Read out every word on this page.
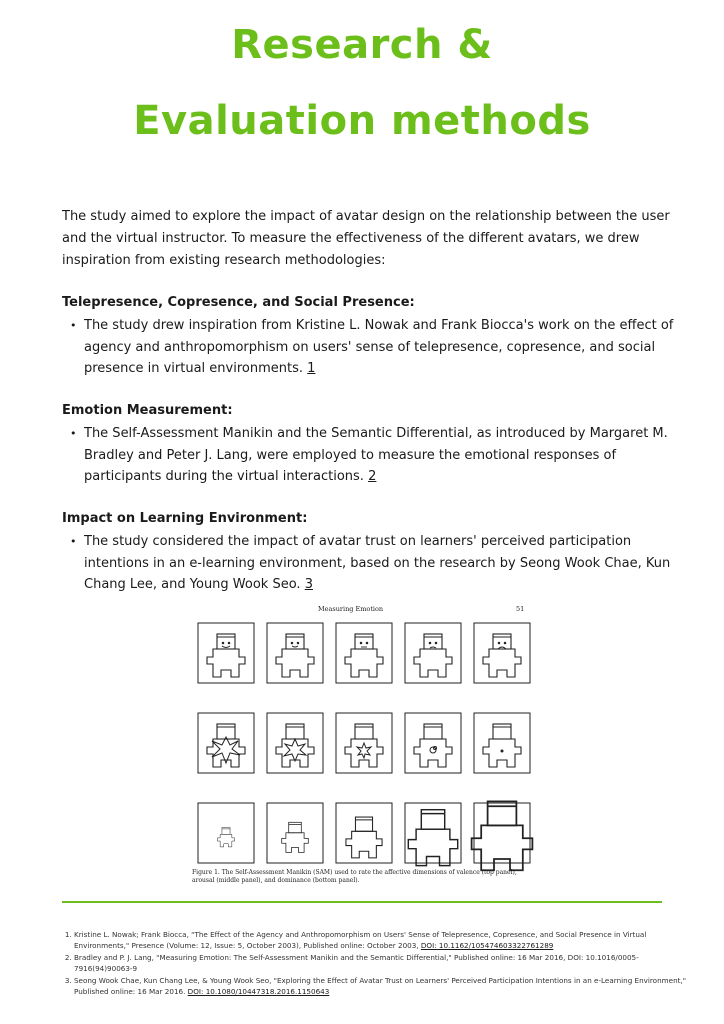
Research &
Evaluation methods

The study aimed to explore the impact of avatar design on the relationship between the user and the virtual instructor. To measure the effectiveness of the different avatars, we drew inspiration from existing research methodologies:

Telepresence, Copresence, and Social Presence:
• The study drew inspiration from Kristine L. Nowak and Frank Biocca's work on the effect of agency and anthropomorphism on users' sense of telepresence, copresence, and social presence in virtual environments. 1
Emotion Measurement:
• The Self-Assessment Manikin and the Semantic Differential, as introduced by Margaret M. Bradley and Peter J. Lang, were employed to measure the emotional responses of participants during the virtual interactions. 2
Impact on Learning Environment:
• The study considered the impact of avatar trust on learners' perceived participation intentions in an e-learning environment, based on the research by Seong Wook Chae, Kun Chang Lee, and Young Wook Seo. 3
Measuring Emotion	51
Figure 1. The Self-Assessment Manikin (SAM) used to rate the affective dimensions of valence (top panel), arousal (middle panel), and dominance (bottom panel).
1. Kristine L. Nowak; Frank Biocca, "The Effect of the Agency and Anthropomorphism on Users' Sense of Telepresence, Copresence, and Social Presence in Virtual Environments," Presence (Volume: 12, Issue: 5, October 2003), Published online: October 2003, DOI: 10.1162/105474603322761289
2. Bradley and P. J. Lang, "Measuring Emotion: The Self-Assessment Manikin and the Semantic Differential," Published online: 16 Mar 2016, DOI: 10.1016/0005-7916(94)90063-9
3. Seong Wook Chae, Kun Chang Lee, & Young Wook Seo, "Exploring the Effect of Avatar Trust on Learners' Perceived Participation Intentions in an e-Learning Environment," Published online: 16 Mar 2016. DOI: 10.1080/10447318.2016.1150643
